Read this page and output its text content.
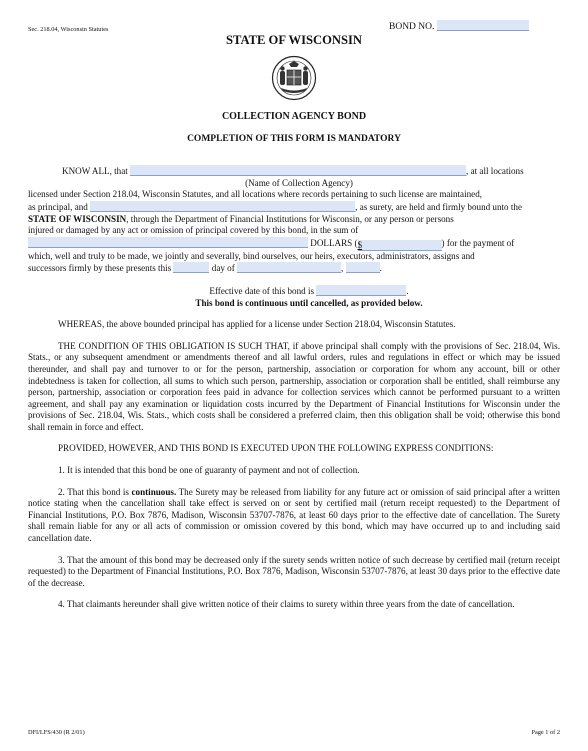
Sec. 218.04, Wisconsin Statutes	BOND NO.
STATE OF WISCONSIN
COLLECTION AGENCY BOND
COMPLETION OF THIS FORM IS MANDATORY

KNOW ALL, that	, at all locations

(Name of Collection Agency)

licensed under Section 218.04, Wisconsin Statutes, and all locations where records pertaining to such license are maintained,

as principal, and	, as surety, are held and firmly bound unto the

STATE OF WISCONSIN, through the Department of Financial Institutions for Wisconsin, or any person or persons

injured or damaged by any act or omission of principal covered by this bond, in the sum of

DOLLARS ($	) for the payment of

which, well and truly to be made, we jointly and severally, bind ourselves, our heirs, executors, administrators, assigns and

successors firmly by these presents this	day of	,	.

Effective date of this bond is	.
This bond is continuous until cancelled, as provided below.

WHEREAS, the above bounded principal has applied for a license under Section 218.04, Wisconsin Statutes.

THE CONDITION OF THIS OBLIGATION IS SUCH THAT, if above principal shall comply with the provisions of Sec. 218.04, Wis. Stats., or any subsequent amendment or amendments thereof and all lawful orders, rules and regulations in effect or which may be issued thereunder, and shall pay and turnover to or for the person, partnership, association or corporation for whom any account, bill or other indebtedness is taken for collection, all sums to which such person, partnership, association or corporation shall be entitled, shall reimburse any person, partnership, association or corporation fees paid in advance for collection services which cannot be performed pursuant to a written agreement, and shall pay any examination or liquidation costs incurred by the Department of Financial Institutions for Wisconsin under the provisions of Sec. 218.04, Wis. Stats., which costs shall be considered a preferred claim, then this obligation shall be void; otherwise this bond shall remain in force and effect.

PROVIDED, HOWEVER, AND THIS BOND IS EXECUTED UPON THE FOLLOWING EXPRESS CONDITIONS:

1. It is intended that this bond be one of guaranty of payment and not of collection.

2. That this bond is continuous. The Surety may be released from liability for any future act or omission of said principal after a written notice stating when the cancellation shall take effect is served on or sent by certified mail (return receipt requested) to the Department of Financial Institutions, P.O. Box 7876, Madison, Wisconsin 53707-7876, at least 60 days prior to the effective date of cancellation. The Surety shall remain liable for any or all acts of commission or omission covered by this bond, which may have occurred up to and including said cancellation date.

3. That the amount of this bond may be decreased only if the surety sends written notice of such decrease by certified mail (return receipt requested) to the Department of Financial Institutions, P.O. Box 7876, Madison, Wisconsin 53707-7876, at least 30 days prior to the effective date of the decrease.

4. That claimants hereunder shall give written notice of their claims to surety within three years from the date of cancellation.

DFI/LFS/430 (R 2/01)	Page 1 of 2
